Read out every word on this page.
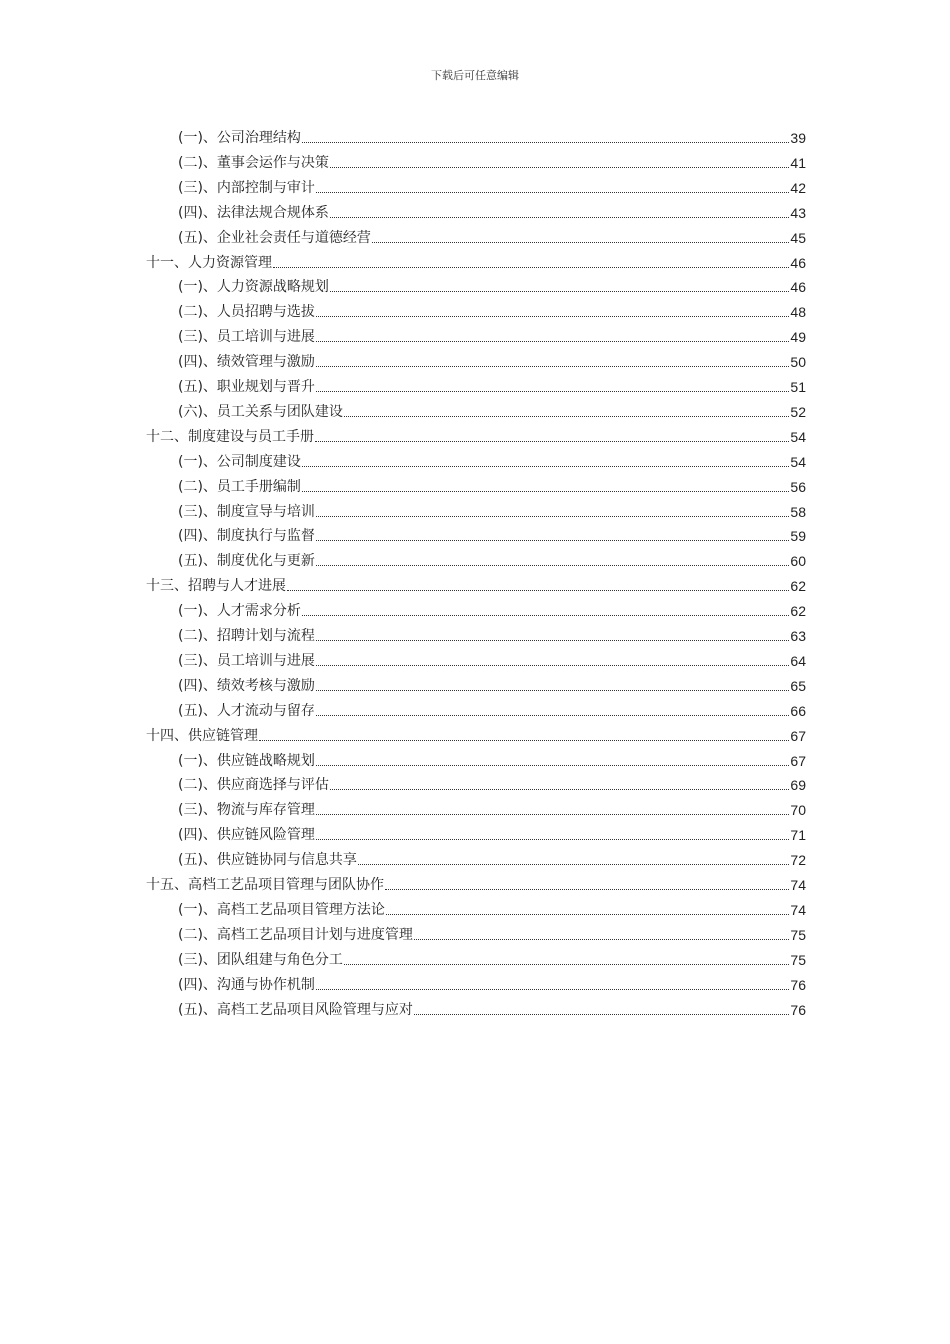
下载后可任意编辑
(一)、公司治理结构	39
(二)、董事会运作与决策	41
(三)、内部控制与审计	42
(四)、法律法规合规体系	43
(五)、企业社会责任与道德经营	45
十一、人力资源管理	46
(一)、人力资源战略规划	46
(二)、人员招聘与选拔	48
(三)、员工培训与进展	49
(四)、绩效管理与激励	50
(五)、职业规划与晋升	51
(六)、员工关系与团队建设	52
十二、制度建设与员工手册	54
(一)、公司制度建设	54
(二)、员工手册编制	56
(三)、制度宣导与培训	58
(四)、制度执行与监督	59
(五)、制度优化与更新	60
十三、招聘与人才进展	62
(一)、人才需求分析	62
(二)、招聘计划与流程	63
(三)、员工培训与进展	64
(四)、绩效考核与激励	65
(五)、人才流动与留存	66
十四、供应链管理	67
(一)、供应链战略规划	67
(二)、供应商选择与评估	69
(三)、物流与库存管理	70
(四)、供应链风险管理	71
(五)、供应链协同与信息共享	72
十五、高档工艺品项目管理与团队协作	74
(一)、高档工艺品项目管理方法论	74
(二)、高档工艺品项目计划与进度管理	75
(三)、团队组建与角色分工	75
(四)、沟通与协作机制	76
(五)、高档工艺品项目风险管理与应对	76
